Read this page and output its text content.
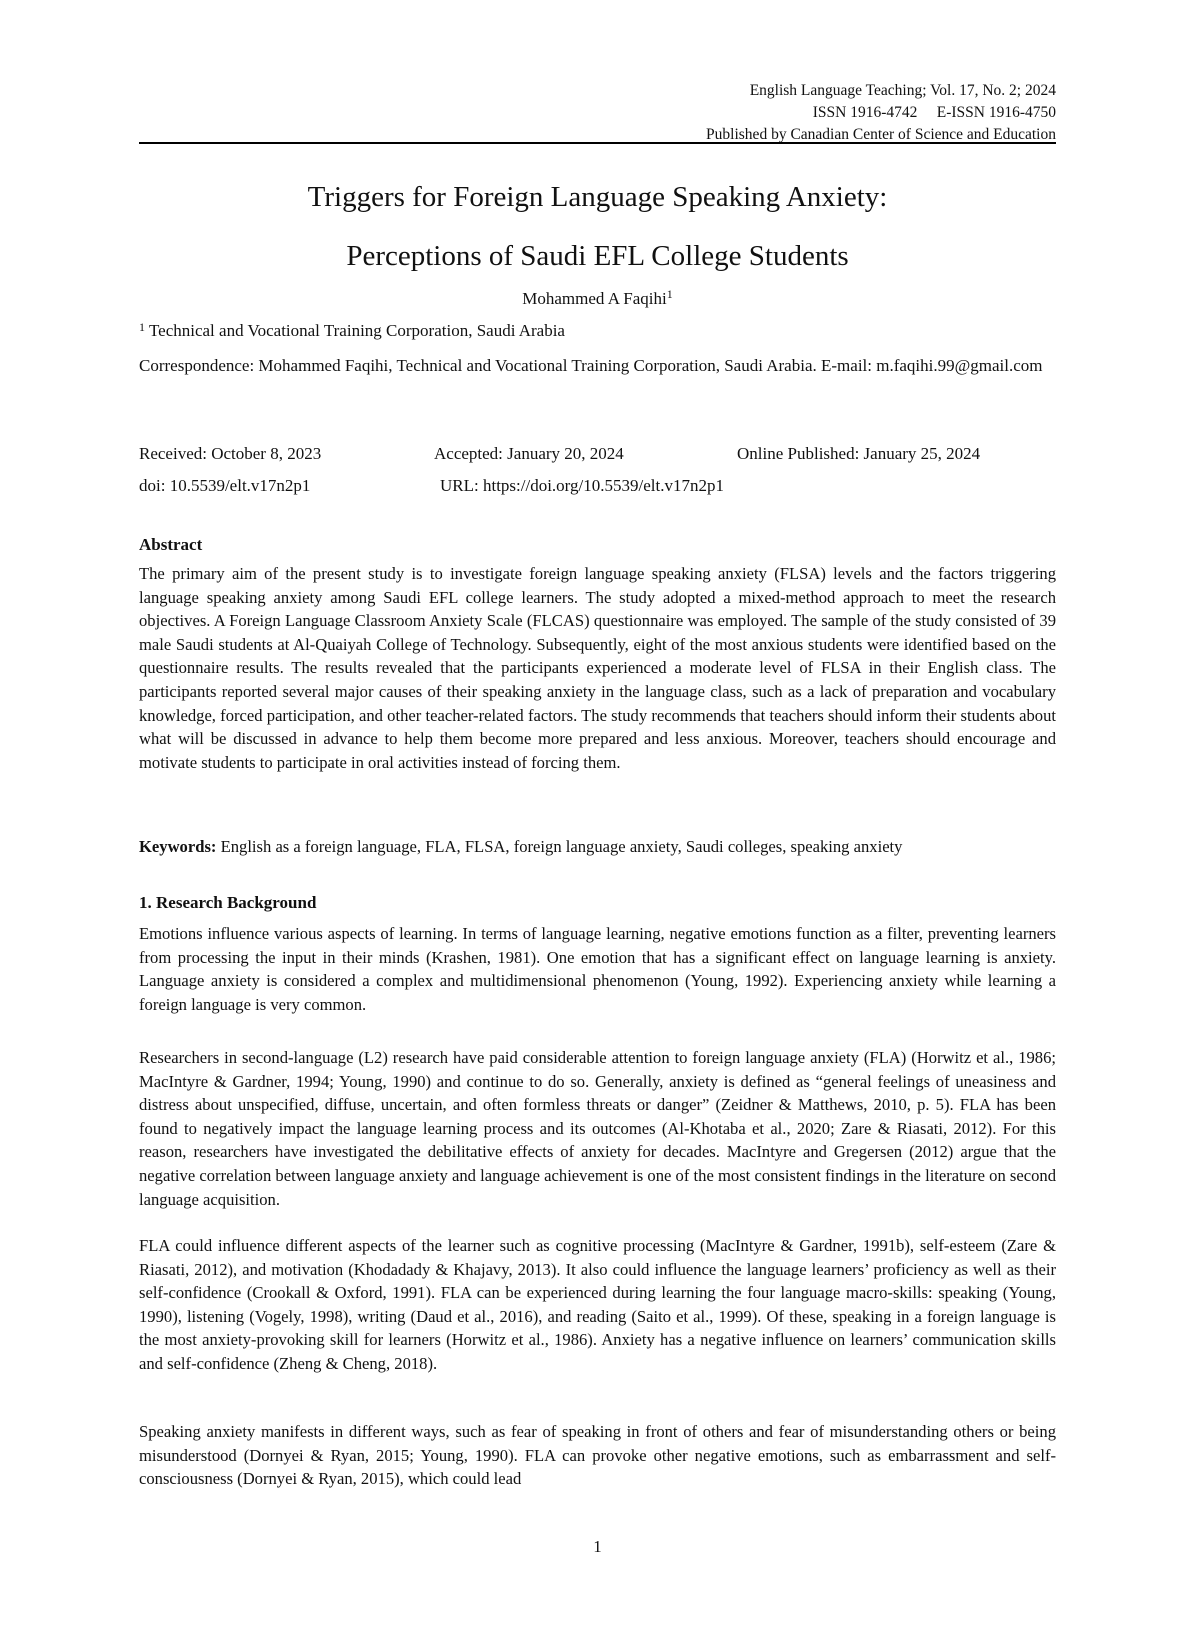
English Language Teaching; Vol. 17, No. 2; 2024
ISSN 1916-4742     E-ISSN 1916-4750
Published by Canadian Center of Science and Education
Triggers for Foreign Language Speaking Anxiety:
Perceptions of Saudi EFL College Students
Mohammed A Faqihi$^1$
$^1$ Technical and Vocational Training Corporation, Saudi Arabia
Correspondence: Mohammed Faqihi, Technical and Vocational Training Corporation, Saudi Arabia. E-mail: m.faqihi.99@gmail.com
Received: October 8, 2023	Accepted: January 20, 2024	Online Published: January 25, 2024
doi: 10.5539/elt.v17n2p1	URL: https://doi.org/10.5539/elt.v17n2p1
Abstract
The primary aim of the present study is to investigate foreign language speaking anxiety (FLSA) levels and the factors triggering language speaking anxiety among Saudi EFL college learners. The study adopted a mixed-method approach to meet the research objectives. A Foreign Language Classroom Anxiety Scale (FLCAS) questionnaire was employed. The sample of the study consisted of 39 male Saudi students at Al-Quaiyah College of Technology. Subsequently, eight of the most anxious students were identified based on the questionnaire results. The results revealed that the participants experienced a moderate level of FLSA in their English class. The participants reported several major causes of their speaking anxiety in the language class, such as a lack of preparation and vocabulary knowledge, forced participation, and other teacher-related factors. The study recommends that teachers should inform their students about what will be discussed in advance to help them become more prepared and less anxious. Moreover, teachers should encourage and motivate students to participate in oral activities instead of forcing them.
Keywords: English as a foreign language, FLA, FLSA, foreign language anxiety, Saudi colleges, speaking anxiety
1. Research Background
Emotions influence various aspects of learning. In terms of language learning, negative emotions function as a filter, preventing learners from processing the input in their minds (Krashen, 1981). One emotion that has a significant effect on language learning is anxiety. Language anxiety is considered a complex and multidimensional phenomenon (Young, 1992). Experiencing anxiety while learning a foreign language is very common.
Researchers in second-language (L2) research have paid considerable attention to foreign language anxiety (FLA) (Horwitz et al., 1986; MacIntyre & Gardner, 1994; Young, 1990) and continue to do so. Generally, anxiety is defined as “general feelings of uneasiness and distress about unspecified, diffuse, uncertain, and often formless threats or danger” (Zeidner & Matthews, 2010, p. 5). FLA has been found to negatively impact the language learning process and its outcomes (Al-Khotaba et al., 2020; Zare & Riasati, 2012). For this reason, researchers have investigated the debilitative effects of anxiety for decades. MacIntyre and Gregersen (2012) argue that the negative correlation between language anxiety and language achievement is one of the most consistent findings in the literature on second language acquisition.
FLA could influence different aspects of the learner such as cognitive processing (MacIntyre & Gardner, 1991b), self-esteem (Zare & Riasati, 2012), and motivation (Khodadady & Khajavy, 2013). It also could influence the language learners’ proficiency as well as their self-confidence (Crookall & Oxford, 1991). FLA can be experienced during learning the four language macro-skills: speaking (Young, 1990), listening (Vogely, 1998), writing (Daud et al., 2016), and reading (Saito et al., 1999). Of these, speaking in a foreign language is the most anxiety-provoking skill for learners (Horwitz et al., 1986). Anxiety has a negative influence on learners’ communication skills and self-confidence (Zheng & Cheng, 2018).
Speaking anxiety manifests in different ways, such as fear of speaking in front of others and fear of misunderstanding others or being misunderstood (Dornyei & Ryan, 2015; Young, 1990). FLA can provoke other negative emotions, such as embarrassment and self-consciousness (Dornyei & Ryan, 2015), which could lead
1
